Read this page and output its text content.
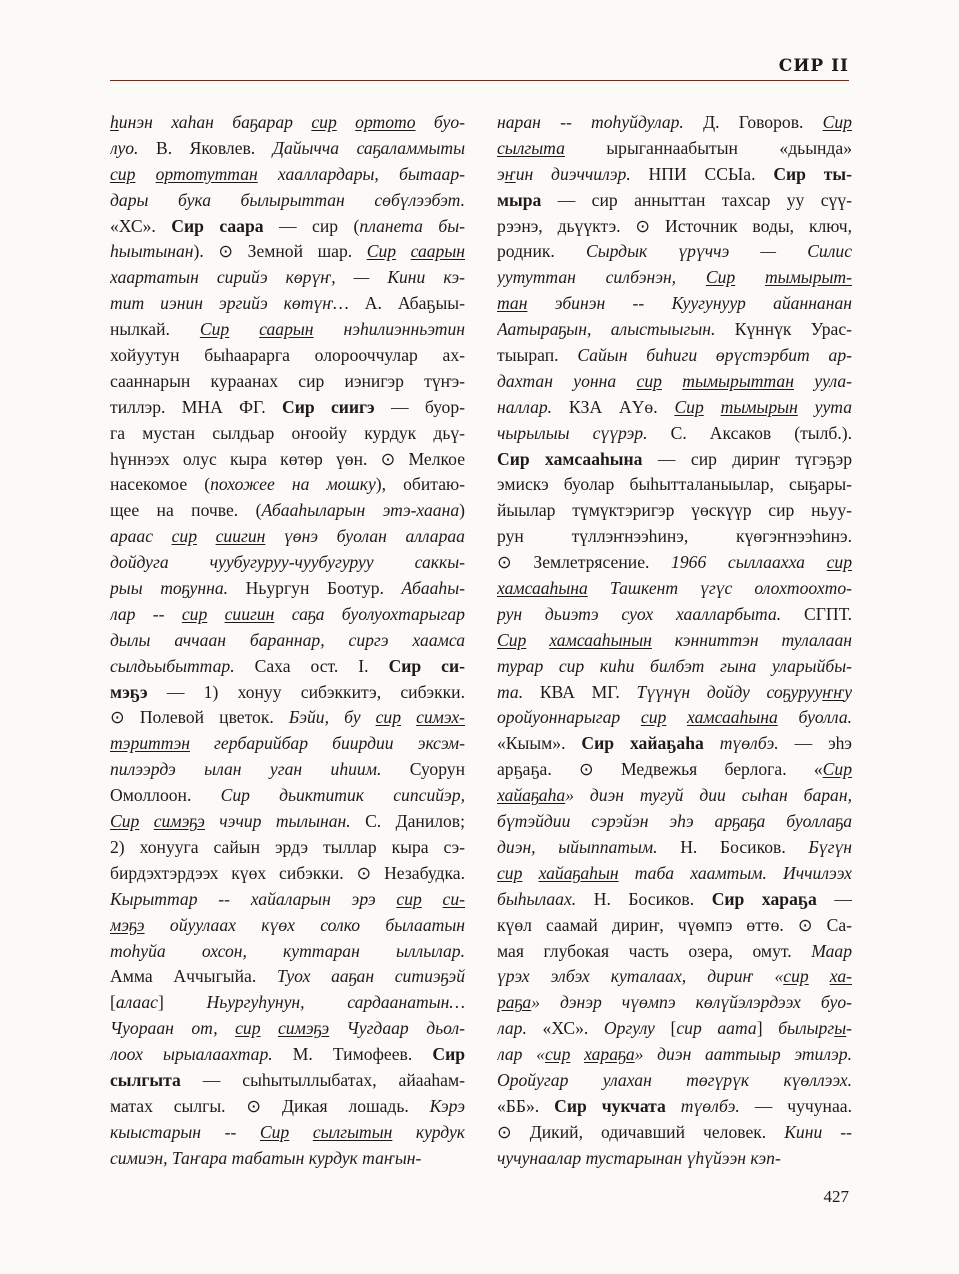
СИР II
һинэн хаһан баҕарар сир ортото буо-
луо. В. Яковлев. Дайычча саҕаламмыты
сир ортотуттан хааллардары, бытаар-
дары бука былырыттан сөбүлээбэт.
«ХС». Сир саара — сир (планета бы-
һыытынан). ⊙ Земной шар. Сир саарын
хаартатын сирийэ көрүҥ, — Кини кэ-
тит иэнин эргийэ көтүҥ… А. Абаҕыы-
нылкай. Сир саарын нэһилиэнньэтин
хойуутун быһаарарга олорооччулар ах-
сааннарын кураанах сир иэнигэр түҥэ-
тиллэр. МНА ФГ. Сир сиигэ — буор-
га мустан сылдьар оҥоойу курдук дьү-
һүннээх олус кыра көтөр үөн. ⊙ Мелкое
насекомое (похожее на мошку), обитаю-
щее на почве. (Абааһыларын этэ-хаана)
араас сир сиигин үөнэ буолан аллараа
дойдуга чуубугуруу-чуубугуруу саккы-
рыы тоҕунна. Ньургун Боотур. Абааһы-
лар -- сир сиигин саҕа буолуохтарыгар
дылы аччаан бараннар, сиргэ хаамса
сылдьыбыттар. Саха ост. I. Сир си-
мэҕэ — 1) хонуу сибэккитэ, сибэкки.
⊙ Полевой цветок. Бэйи, бу сир симэх-
тэриттэн гербарийбар биирдии эксэм-
пилээрдэ ылан уган иһиим. Суорун
Омоллоон. Сир дьиктитик сипсийэр,
Сир симэҕэ чэчир тылынан. С. Данилов;
2) хонууга сайын эрдэ тыллар кыра сэ-
бирдэхтэрдээх күөх сибэкки. ⊙ Незабудка.
Кырыттар -- хайаларын эрэ сир си-
мэҕэ ойуулаах күөх солко былаатын
тоһуйа охсон, куттаран ыллылар.
Амма Аччыгыйа. Туох ааҕан ситиэҕэй
[алаас] Ньургуһунун, сардаанатын…
Чуораан от, сир симэҕэ Чугдаар дьол-
лоох ырыалаахтар. М. Тимофеев. Сир
сылгыта — сыһытыллыбатах, айааһам-
матах сылгы. ⊙ Дикая лошадь. Кэрэ
кыыстарын -- Сир сылгытын курдук
симиэн, Таҥара табатын курдук таҥын-
наран -- тоһуйдулар. Д. Говоров. Сир
сылгыта ырыганнаабытын «дьында»
эҥин диэччилэр. НПИ ССЫа. Сир ты-
мыра — сир анныттан тахсар уу сүү-
рээнэ, дьүүктэ. ⊙ Источник воды, ключ,
родник. Сырдык үрүччэ — Силис
уутуттан силбэнэн, Сир тымырыт-
тан эбинэн -- Куугунуур айаннанан
Аатыраҕын, алыстыыгын. Күннүк Урас-
тыырап. Сайын биһиги өрүстэрбит ар-
дахтан уонна сир тымырыттан уула-
наллар. КЗА АҮө. Сир тымырын уута
чырылыы сүүрэр. С. Аксаков (тылб.).
Сир хамсааһына — сир дириҥ түгэҕэр
эмискэ буолар быһытталаныылар, сыҕары-
йыылар түмүктэригэр үөскүүр сир ньуу-
рун түллэҥнээһинэ, күөгэҥнээһинэ.
⊙ Землетрясение. 1966 сыллаахха сир
хамсааһына Ташкент үгүс олохтоохто-
рун дьиэтэ суох хаалларбыта. СГПТ.
Сир хамсааһынын кэнниттэн тулалаан
турар сир киһи билбэт гына уларыйбы-
та. КВА МГ. Түүнүн дойду соҕурууҥҥу
оройуоннарыгар сир хамсааһына буолла.
«Кыым». Сир хайаҕаһа түөлбэ. — эһэ
арҕаҕа. ⊙ Медвежья берлога. «Сир
хайаҕаһа» диэн тугуй дии сыһан баран,
бүтэйдии сэрэйэн эһэ арҕаҕа буоллаҕа
диэн, ыйыппатым. Н. Босиков. Бүгүн
сир хайаҕаһын таба хаамтым. Иччилээх
быһылаах. Н. Босиков. Сир хараҕа —
күөл саамай дириҥ, чүөмпэ өттө. ⊙ Са-
мая глубокая часть озера, омут. Маар
үрэх элбэх куталаах, дириҥ «сир ха-
раҕа» дэнэр чүөмпэ көлүйэлэрдээх буо-
лар. «ХС». Оргулу [сир аата] былыргы-
лар «сир хараҕа» диэн ааттыыр этилэр.
Оройугар улахан төгүрүк күөллээх.
«ББ». Сир чукчата түөлбэ. — чучунаа.
⊙ Дикий, одичавший человек. Кини --
чучунаалар тустарынан үһүйээн кэп-
427
